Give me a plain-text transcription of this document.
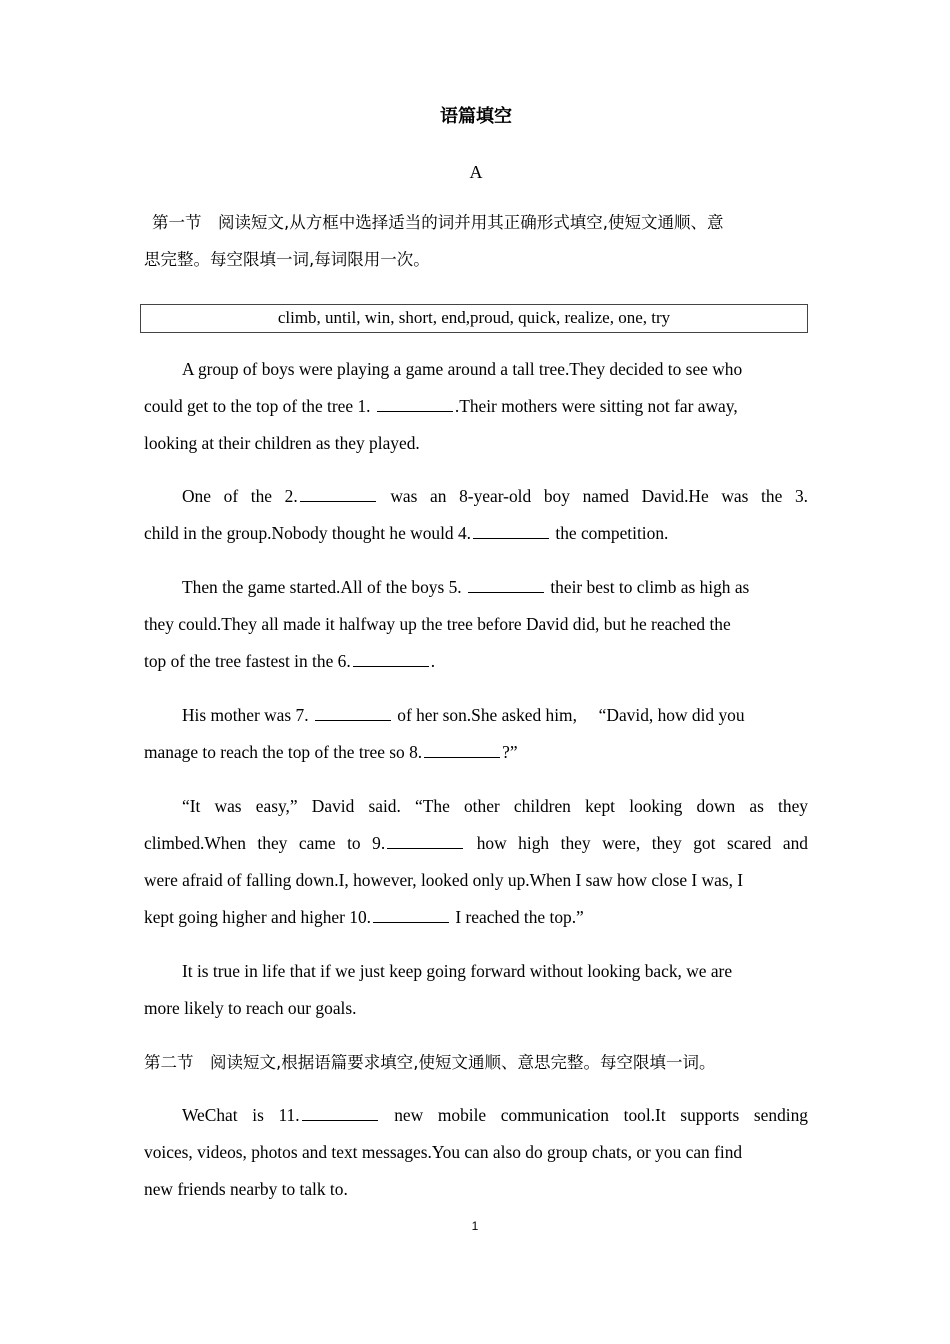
语篇填空
A
第一节　阅读短文,从方框中选择适当的词并用其正确形式填空,使短文通顺、意
思完整。每空限填一词,每词限用一次。
climb, until, win, short, end,proud, quick, realize, one, try
A group of boys were playing a game around a tall tree.They decided to see who
could get to the top of the tree 1.	.Their mothers were sitting not far away,
looking at their children as they played.
One of the 2.	was an 8-year-old boy named David.He was the 3.
child in the group.Nobody thought he would 4.	the competition.
Then the game started.All of the boys 5.	their best to climb as high as
they could.They all made it halfway up the tree before David did, but he reached the
top of the tree fastest in the 6.	.
His mother was 7.	of her son.She asked him, 　“David, how did you
manage to reach the top of the tree so 8.	?”
“It was easy,” David said. “The other children kept looking down as they
climbed.When they came to 9.	how high they were, they got scared and
were afraid of falling down.I, however, looked only up.When I saw how close I was, I
kept going higher and higher 10.	I reached the top.”
It is true in life that if we just keep going forward without looking back, we are
more likely to reach our goals.
第二节　阅读短文,根据语篇要求填空,使短文通顺、意思完整。每空限填一词。
WeChat is 11.	new mobile communication tool.It supports sending
voices, videos, photos and text messages.You can also do group chats, or you can find
new friends nearby to talk to.
1
